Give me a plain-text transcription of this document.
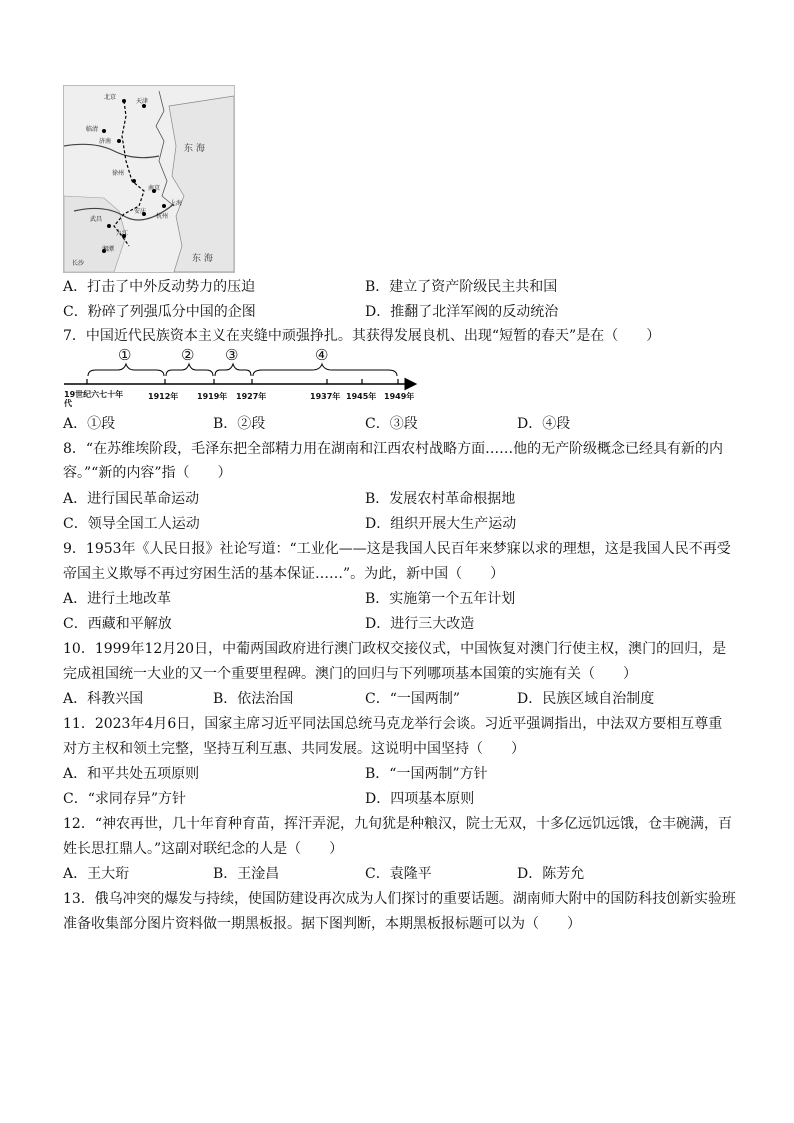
东 海
东 海
北京
天津
临清
济南
徐州
南京
上海
杭州
安庆
九江
武昌
长沙
湘潭
A．打击了中外反动势力的压迫	B．建立了资产阶级民主共和国
C．粉碎了列强瓜分中国的企图	D．推翻了北洋军阀的反动统治
7．中国近代民族资本主义在夹缝中顽强挣扎。其获得发展良机、出现“短暂的春天”是在（　　）
①	② ③	④
19世纪六七十年代
1912年 1919年 1927年	1937年 1945年 1949年
A．①段	B．②段	C．③段	D．④段
8．“在苏维埃阶段，毛泽东把全部精力用在湖南和江西农村战略方面……他的无产阶级概念已经具有新的内
容。”“新的内容”指（　　）
A．进行国民革命运动	B．发展农村革命根据地
C．领导全国工人运动	D．组织开展大生产运动
9．1953年《人民日报》社论写道：“工业化——这是我国人民百年来梦寐以求的理想，这是我国人民不再受
帝国主义欺辱不再过穷困生活的基本保证……”。为此，新中国（　　）
A．进行土地改革	B．实施第一个五年计划
C．西藏和平解放	D．进行三大改造
10．1999年12月20日，中葡两国政府进行澳门政权交接仪式，中国恢复对澳门行使主权，澳门的回归，是
完成祖国统一大业的又一个重要里程碑。澳门的回归与下列哪项基本国策的实施有关（　　）
A．科教兴国	B．依法治国	C．“一国两制”	D．民族区域自治制度
11．2023年4月6日，国家主席习近平同法国总统马克龙举行会谈。习近平强调指出，中法双方要相互尊重
对方主权和领土完整，坚持互利互惠、共同发展。这说明中国坚持（　　）
A．和平共处五项原则	B．“一国两制”方针
C．“求同存异”方针	D．四项基本原则
12．“神农再世，几十年育种育苗，挥汗弄泥，九旬犹是种粮汉，院士无双，十多亿远饥远饿，仓丰碗满，百
姓长思扛鼎人。”这副对联纪念的人是（　　）
A．王大珩	B．王淦昌	C．袁隆平	D．陈芳允
13．俄乌冲突的爆发与持续，使国防建设再次成为人们探讨的重要话题。湖南师大附中的国防科技创新实验班
准备收集部分图片资料做一期黑板报。据下图判断，本期黑板报标题可以为（　　）
